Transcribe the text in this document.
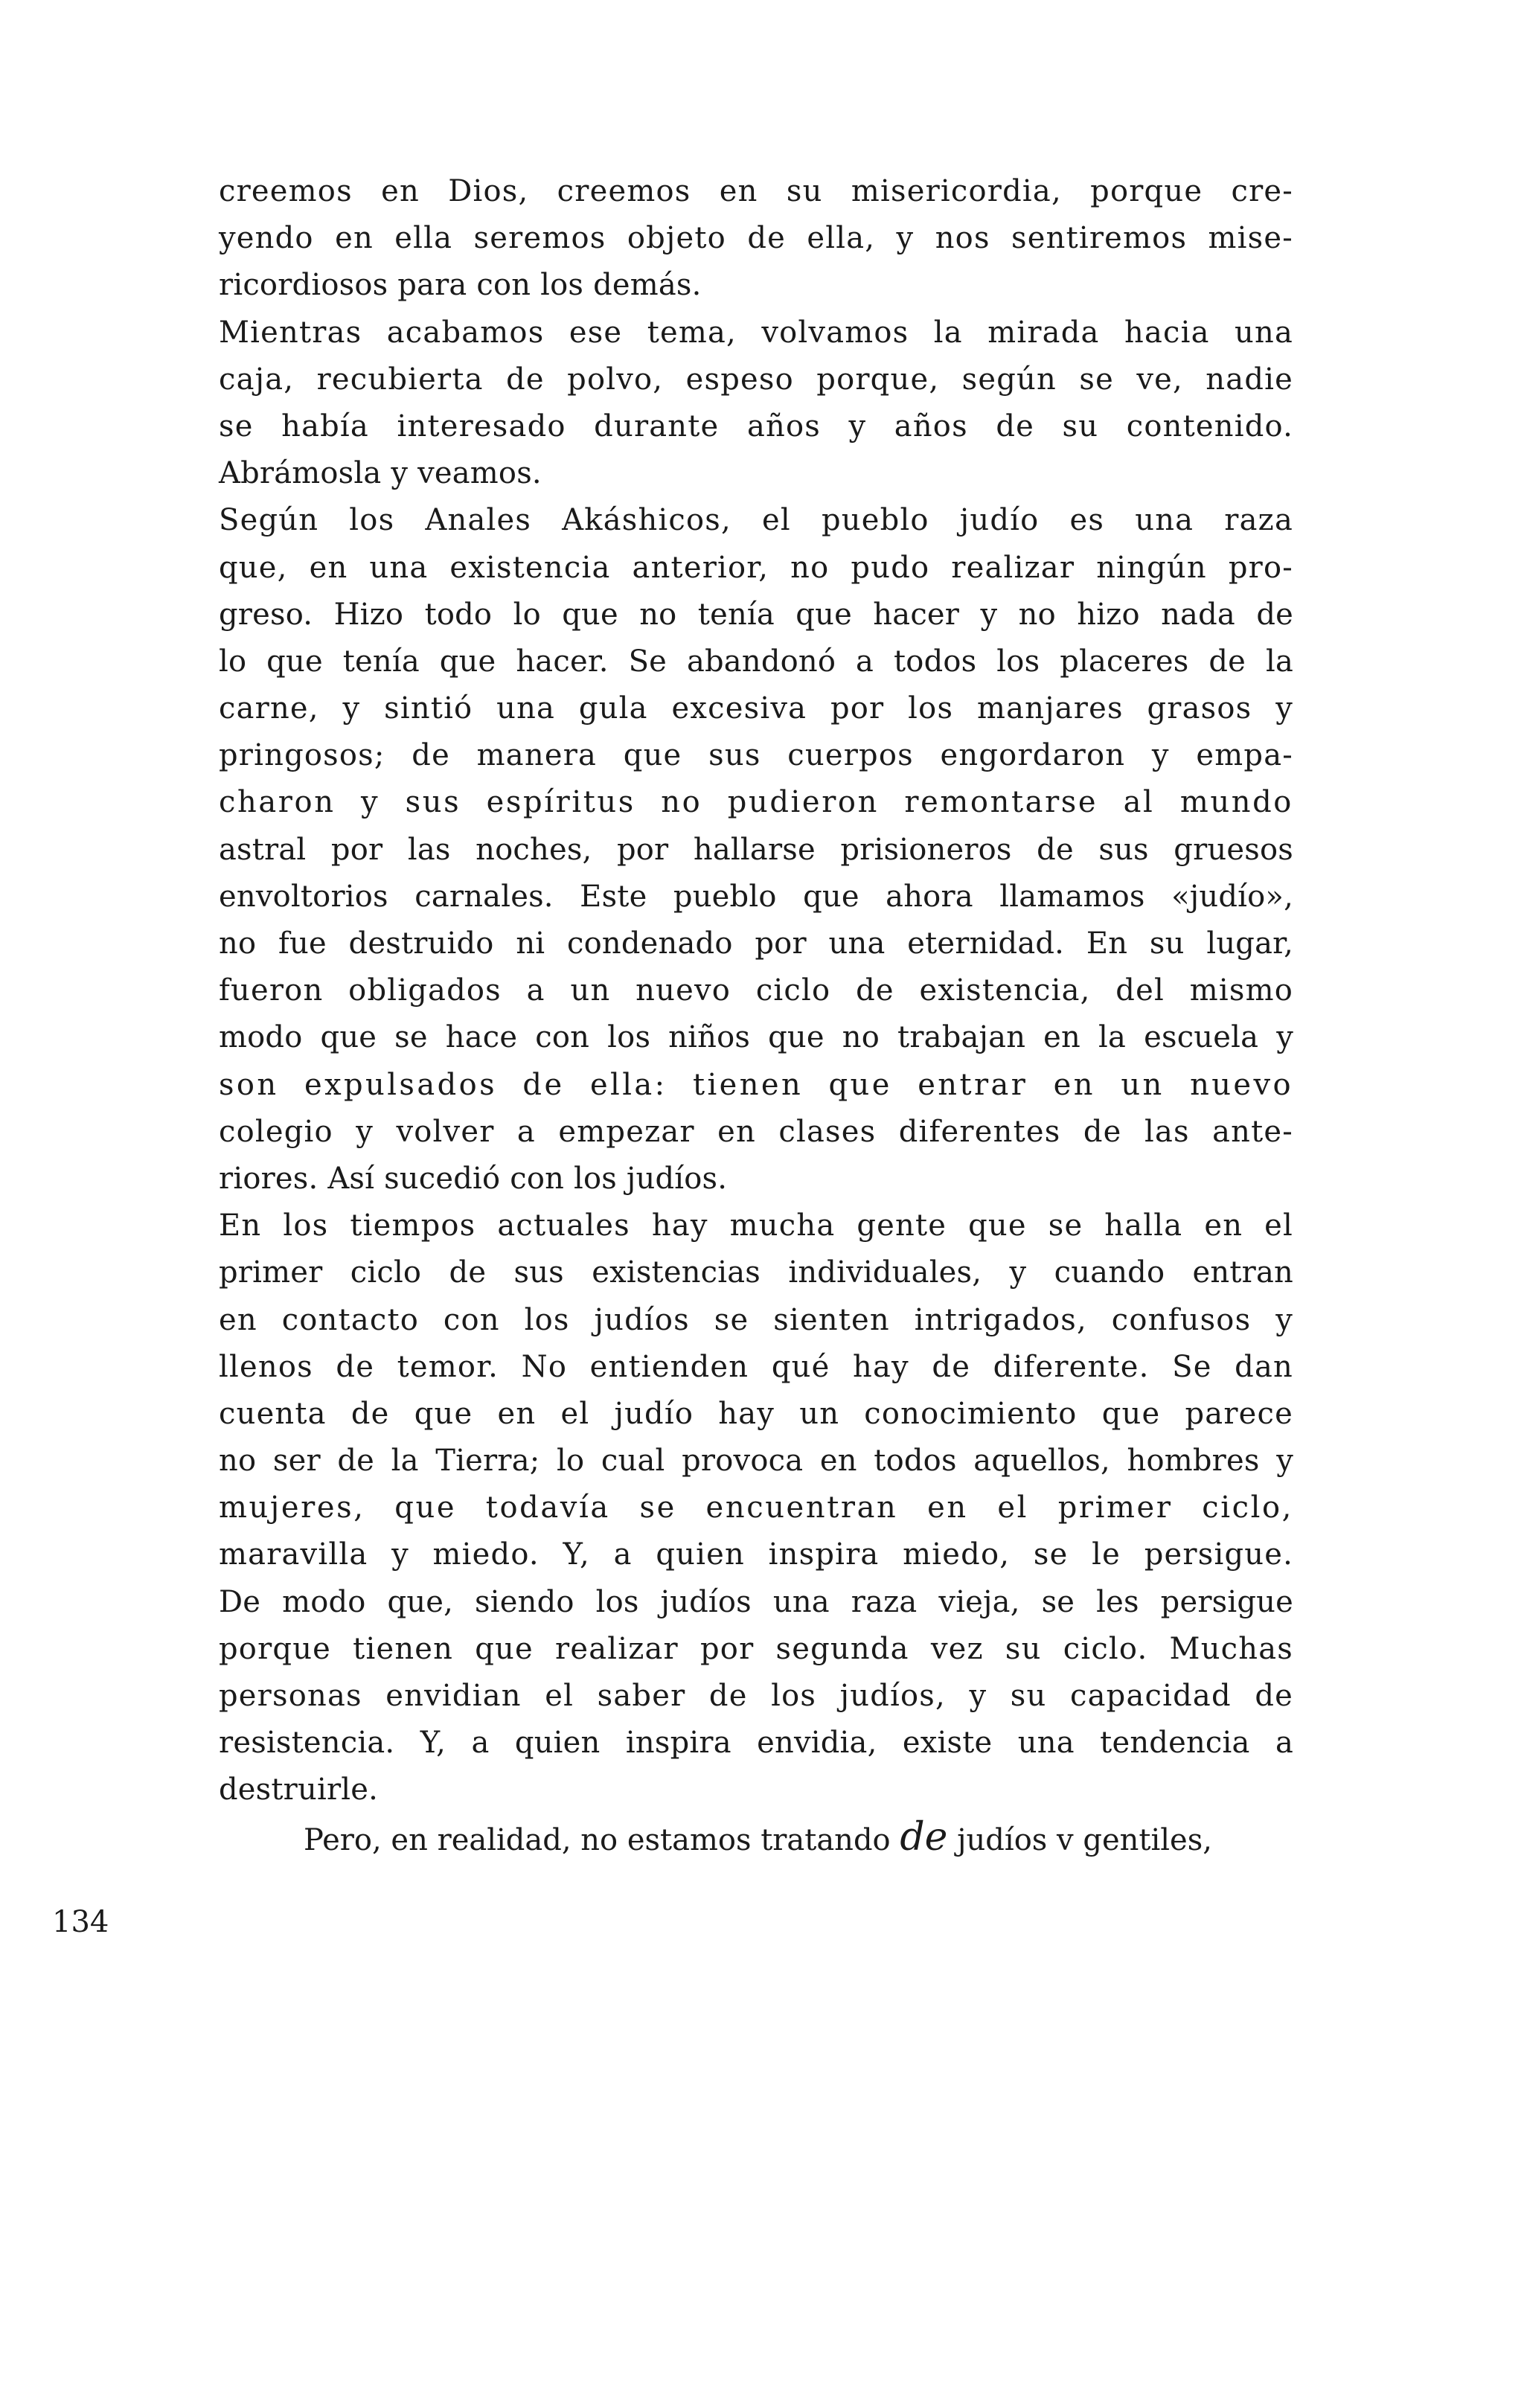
creemos en Dios, creemos en su misericordia, porque cre-
yendo en ella seremos objeto de ella, y nos sentiremos mise-
ricordiosos para con los demás.
Mientras acabamos ese tema, volvamos la mirada hacia una
caja, recubierta de polvo, espeso porque, según se ve, nadie
se había interesado durante años y años de su contenido.
Abrámosla y veamos.
Según los Anales Akáshicos, el pueblo judío es una raza
que, en una existencia anterior, no pudo realizar ningún pro-
greso. Hizo todo lo que no tenía que hacer y no hizo nada de
lo que tenía que hacer. Se abandonó a todos los placeres de la
carne, y sintió una gula excesiva por los manjares grasos y
pringosos; de manera que sus cuerpos engordaron y empa-
charon y sus espíritus no pudieron remontarse al mundo
astral por las noches, por hallarse prisioneros de sus gruesos
envoltorios carnales. Este pueblo que ahora llamamos «judío»,
no fue destruido ni condenado por una eternidad. En su lugar,
fueron obligados a un nuevo ciclo de existencia, del mismo
modo que se hace con los niños que no trabajan en la escuela y
son expulsados de ella: tienen que entrar en un nuevo
colegio y volver a empezar en clases diferentes de las ante-
riores. Así sucedió con los judíos.
En los tiempos actuales hay mucha gente que se halla en el
primer ciclo de sus existencias individuales, y cuando entran
en contacto con los judíos se sienten intrigados, confusos y
llenos de temor. No entienden qué hay de diferente. Se dan
cuenta de que en el judío hay un conocimiento que parece
no ser de la Tierra; lo cual provoca en todos aquellos, hombres y
mujeres, que todavía se encuentran en el primer ciclo,
maravilla y miedo. Y, a quien inspira miedo, se le persigue.
De modo que, siendo los judíos una raza vieja, se les persigue
porque tienen que realizar por segunda vez su ciclo. Muchas
personas envidian el saber de los judíos, y su capacidad de
resistencia. Y, a quien inspira envidia, existe una tendencia a
destruirle.
Pero, en realidad, no estamos tratando de judíos v gentiles,
134
